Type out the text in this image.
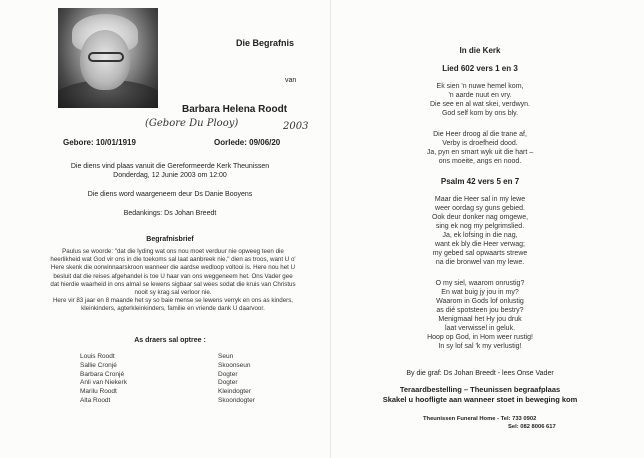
Die Begrafnis
van
Barbara Helena Roodt
(Gebore Du Plooy)	2003
Gebore: 10/01/1919	Oorlede: 09/06/20
Die diens vind plaas vanuit die Gereformeerde Kerk Theunissen
Donderdag, 12 Junie 2003 om 12:00
Die diens word waargeneem deur Ds Danie Booyens
Bedankings: Ds Johan Breedt
Begrafnisbrief
Paulus se woorde: "dat die lyding wat ons nou moet verduur nie opweeg teen die
heerlikheid wat God vir ons in die toekoms sal laat aanbreek nie," dien as troos, want U o'
Here skenk die oorwinnaarskroon wanneer die aardse wedloop voltooi is. Here nou het U
besluit dat die reises afgehandel is toe U haar van ons weggeneem het. Ons Vader gee
dat hierdie waarheid in ons almal se lewens sigbaar sal wees sodat die kruis van Christus
nooit sy krag sal verloor nie.
Here vir 83 jaar en 8 maande het sy so baie mense se lewens verryk en ons as kinders,
kleinkinders, agterkleinkinders, familie en vriende dank U daarvoor.
As draers sal optree :
Louis Roodt
Sallie Cronjé
Barbara Cronjé
Anli van Niekerk
Marilu Roodt
Alta Roodt
Seun
Skoonseun
Dogter
Dogter
Kleindogter
Skoondogter
In die Kerk
Lied 602 vers 1 en 3
Ek sien 'n nuwe hemel kom,
'n aarde nuut en vry.
Die see en al wat skei, verdwyn.
God self kom by ons bly.
Die Heer droog al die trane af,
Verby is droefheid dood.
Ja, pyn en smart wyk uit die hart –
ons moeite, angs en nood.
Psalm 42 vers 5 en 7
Maar die Heer sal in my lewe
weer oordag sy guns gebied.
Ook deur donker nag omgewe,
sing ek nog my pelgrimslied.
Ja, ek lofsing in die nag,
want ek bly die Heer verwag;
my gebed sal opwaarts strewe
na die bronwel van my lewe.
O my siel, waarom onrustig?
En wat buig jy jou in my?
Waarom in Gods lof onlustig
as dié spotsteen jou bestry?
Menigmaal het Hy jou druk
laat verwissel in geluk.
Hoop op God, in Hom weer rustig!
In sy lof sal 'k my verlustig!
By die graf: Ds Johan Breedt - lees Onse Vader
Teraardbestelling – Theunissen begraafplaas
Skakel u hoofligte aan wanneer stoet in beweging kom
Theunissen Funeral Home - Tel: 733 0902
Sel: 082 8006 617
